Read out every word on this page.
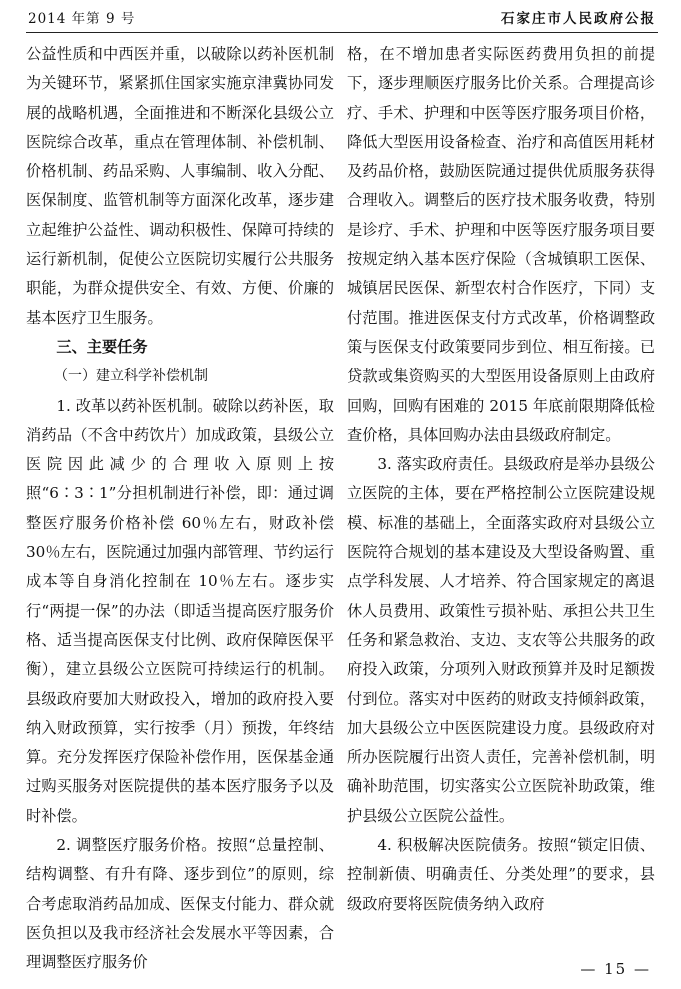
2014 年第 9 号	石家庄市人民政府公报

公益性质和中西医并重，以破除以药补医机制为关键环节，紧紧抓住国家实施京津冀协同发展的战略机遇，全面推进和不断深化县级公立医院综合改革，重点在管理体制、补偿机制、价格机制、药品采购、人事编制、收入分配、医保制度、监管机制等方面深化改革，逐步建立起维护公益性、调动积极性、保障可持续的运行新机制，促使公立医院切实履行公共服务职能，为群众提供安全、有效、方便、价廉的基本医疗卫生服务。

三、主要任务

（一）建立科学补偿机制

1. 改革以药补医机制。破除以药补医，取消药品（不含中药饮片）加成政策，县级公立医院因此减少的合理收入原则上按照“6∶3∶1”分担机制进行补偿，即：通过调整医疗服务价格补偿 60％左右，财政补偿 30％左右，医院通过加强内部管理、节约运行成本等自身消化控制在 10％左右。逐步实行“两提一保”的办法（即适当提高医疗服务价格、适当提高医保支付比例、政府保障医保平衡），建立县级公立医院可持续运行的机制。县级政府要加大财政投入，增加的政府投入要纳入财政预算，实行按季（月）预拨，年终结算。充分发挥医疗保险补偿作用，医保基金通过购买服务对医院提供的基本医疗服务予以及时补偿。

2. 调整医疗服务价格。按照“总量控制、结构调整、有升有降、逐步到位”的原则，综合考虑取消药品加成、医保支付能力、群众就医负担以及我市经济社会发展水平等因素，合理调整医疗服务价

格，在不增加患者实际医药费用负担的前提下，逐步理顺医疗服务比价关系。合理提高诊疗、手术、护理和中医等医疗服务项目价格，降低大型医用设备检查、治疗和高值医用耗材及药品价格，鼓励医院通过提供优质服务获得合理收入。调整后的医疗技术服务收费，特别是诊疗、手术、护理和中医等医疗服务项目要按规定纳入基本医疗保险（含城镇职工医保、城镇居民医保、新型农村合作医疗，下同）支付范围。推进医保支付方式改革，价格调整政策与医保支付政策要同步到位、相互衔接。已贷款或集资购买的大型医用设备原则上由政府回购，回购有困难的 2015 年底前限期降低检查价格，具体回购办法由县级政府制定。

3. 落实政府责任。县级政府是举办县级公立医院的主体，要在严格控制公立医院建设规模、标准的基础上，全面落实政府对县级公立医院符合规划的基本建设及大型设备购置、重点学科发展、人才培养、符合国家规定的离退休人员费用、政策性亏损补贴、承担公共卫生任务和紧急救治、支边、支农等公共服务的政府投入政策，分项列入财政预算并及时足额拨付到位。落实对中医药的财政支持倾斜政策，加大县级公立中医医院建设力度。县级政府对所办医院履行出资人责任，完善补偿机制，明确补助范围，切实落实公立医院补助政策，维护县级公立医院公益性。

4. 积极解决医院债务。按照“锁定旧债、控制新债、明确责任、分类处理”的要求，县级政府要将医院债务纳入政府

— 15 —
